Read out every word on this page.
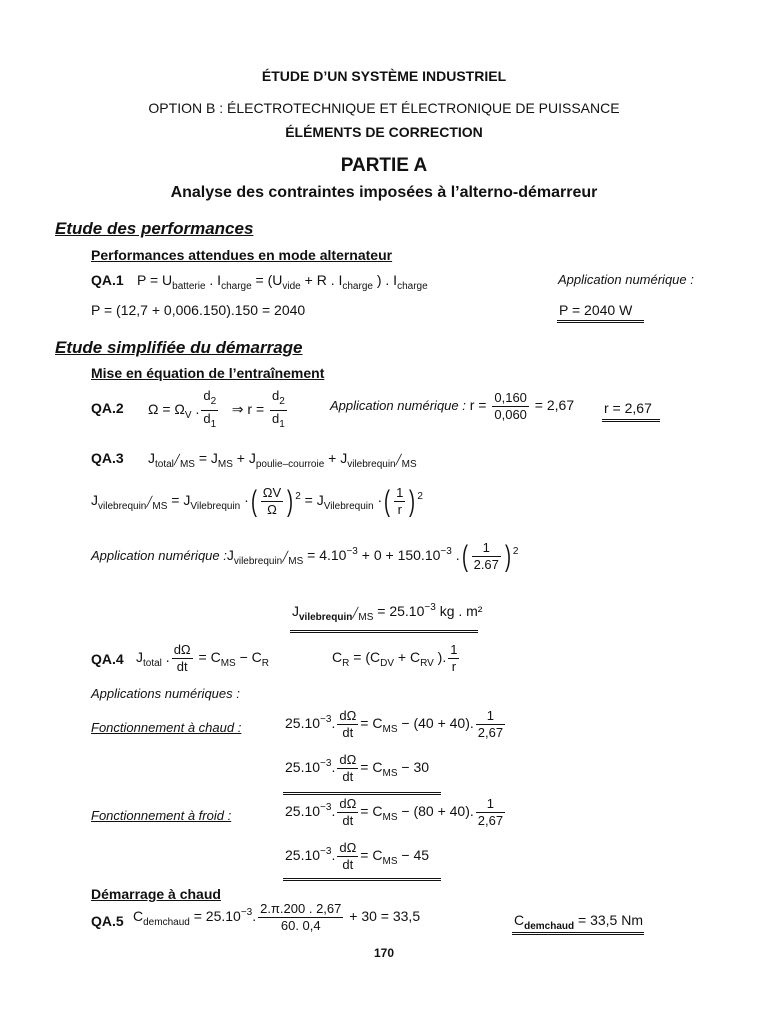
ÉTUDE D’UN SYSTÈME INDUSTRIEL
OPTION B : ÉLECTROTECHNIQUE ET ÉLECTRONIQUE DE PUISSANCE
ÉLÉMENTS DE CORRECTION
PARTIE A
Analyse des contraintes imposées à l’alterno-démarreur
Etude des performances
Performances attendues en mode alternateur
QA.1 $P = U_{batterie}$ . $I_{charge} = (U_{vide} + R$ . $I_{charge}$ ) . $I_{charge}$	Application numérique :
P = (12,7 + 0,006.150).150 = 2040	P = 2040 W
Etude simplifiée du démarrage
Mise en équation de l’entraînement
QA.2 $\Omega = \Omega_V$ . $\frac{d_2}{d_1}$ ⇒ $r = \frac{d_2}{d_1}$	Application numérique : $r = \frac{0,160}{0,060} = 2,67$ r = 2,67
QA.3 $J_{total}╱_{MS} = J_{MS} + J_{poulie-courroie}$ + $J_{vilebrequin}╱_{MS}$
$J_{vilebrequin}╱_{MS} = J_{Vilebrequin}$ ·( $\frac{\Omega V}{\Omega}$ ) $^2 = J_{Vilebrequin}$ ·( $\frac{1}{r}$ ) $^2$
Application numérique $:J_{vilebrequin}╱_{MS} = 4.10^{-3} + 0 + 150.10^{-3}$ .( $\frac{1}{2.67}$ ) $^2$
$J_{vilebrequin}╱_{MS} = 25.10^{-3}$ kg . m²
QA.4 $J_{total}$ . $\frac{d\Omega}{dt} = C_{MS} - C_R$	$C_R = (C_{DV} + C_{RV}$ ). $\frac{1}{r}$
Applications numériques :
Fonctionnement à chaud :	$25.10^{-3}$. $\frac{d\Omega}{dt} = C_{MS} - (40 + 40)$. $\frac{1}{2,67}$
$25.10^{-3}$. $\frac{d\Omega}{dt} = C_{MS} - 30$
Fonctionnement à froid :	$25.10^{-3}$. $\frac{d\Omega}{dt} = C_{MS} - (80 + 40)$. $\frac{1}{2,67}$
$25.10^{-3}$. $\frac{d\Omega}{dt} = C_{MS} - 45$
Démarrage à chaud
QA.5 $C_{demchaud} = 25.10^{-3}$. $\frac{2.\pi.200 . 2,67}{60. 0,4} + 30 = 33,5$	$C_{demchaud} = 33,5$ Nm
170
